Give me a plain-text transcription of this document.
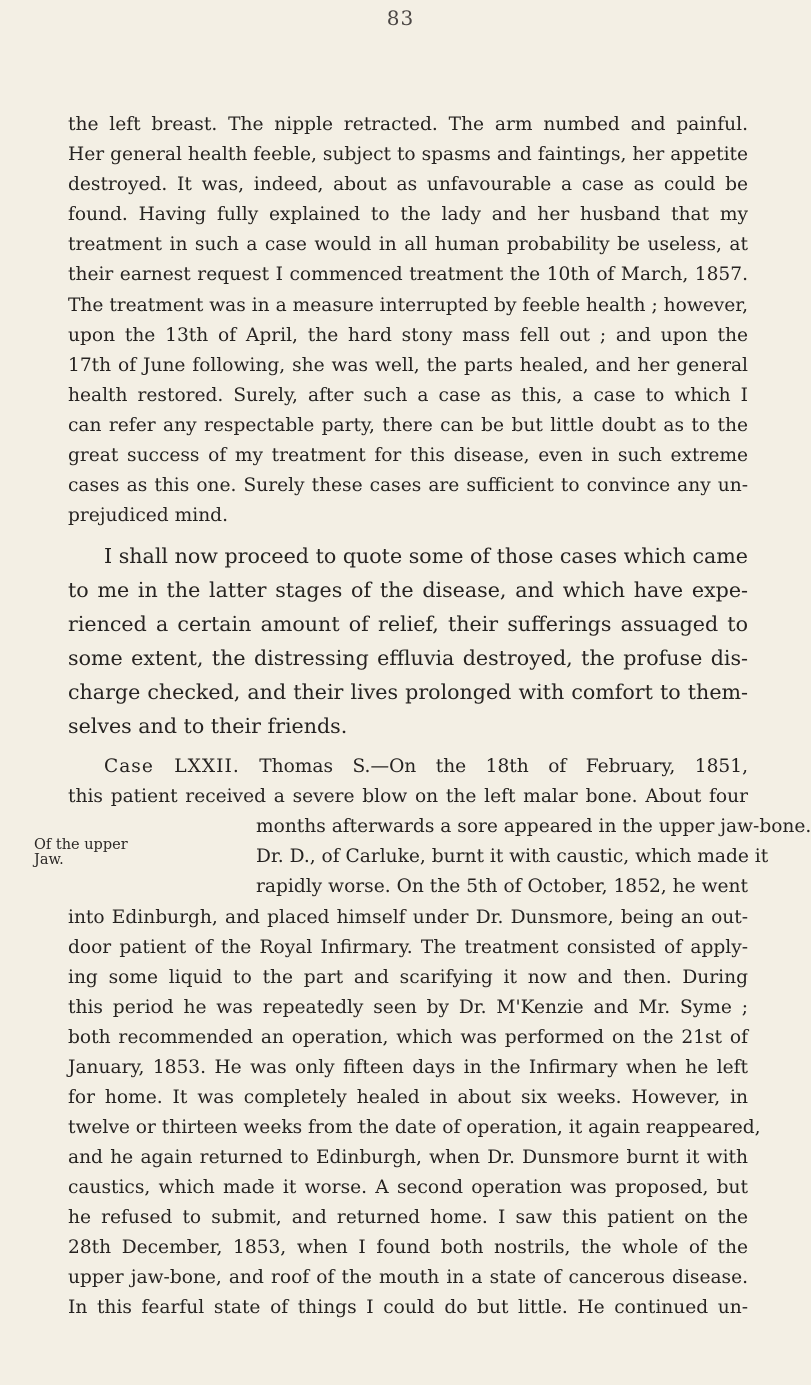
83
the left breast. The nipple retracted. The arm numbed and painful.
Her general health feeble, subject to spasms and faintings, her appetite
destroyed. It was, indeed, about as unfavourable a case as could be
found. Having fully explained to the lady and her husband that my
treatment in such a case would in all human probability be useless, at
their earnest request I commenced treatment the 10th of March, 1857.
The treatment was in a measure interrupted by feeble health ; however,
upon the 13th of April, the hard stony mass fell out ; and upon the
17th of June following, she was well, the parts healed, and her general
health restored. Surely, after such a case as this, a case to which I
can refer any respectable party, there can be but little doubt as to the
great success of my treatment for this disease, even in such extreme
cases as this one. Surely these cases are sufficient to convince any un-
prejudiced mind.
I shall now proceed to quote some of those cases which came
to me in the latter stages of the disease, and which have expe-
rienced a certain amount of relief, their sufferings assuaged to
some extent, the distressing effluvia destroyed, the profuse dis-
charge checked, and their lives prolonged with comfort to them-
selves and to their friends.
Case LXXII. Thomas S.—On the 18th of February, 1851,
this patient received a severe blow on the left malar bone. About four
months afterwards a sore appeared in the upper jaw-bone.
Dr. D., of Carluke, burnt it with caustic, which made it
rapidly worse. On the 5th of October, 1852, he went
Of the upper
Jaw.
into Edinburgh, and placed himself under Dr. Dunsmore, being an out-
door patient of the Royal Infirmary. The treatment consisted of apply-
ing some liquid to the part and scarifying it now and then. During
this period he was repeatedly seen by Dr. M'Kenzie and Mr. Syme ;
both recommended an operation, which was performed on the 21st of
January, 1853. He was only fifteen days in the Infirmary when he left
for home. It was completely healed in about six weeks. However, in
twelve or thirteen weeks from the date of operation, it again reappeared,
and he again returned to Edinburgh, when Dr. Dunsmore burnt it with
caustics, which made it worse. A second operation was proposed, but
he refused to submit, and returned home. I saw this patient on the
28th December, 1853, when I found both nostrils, the whole of the
upper jaw-bone, and roof of the mouth in a state of cancerous disease.
In this fearful state of things I could do but little. He continued un-
